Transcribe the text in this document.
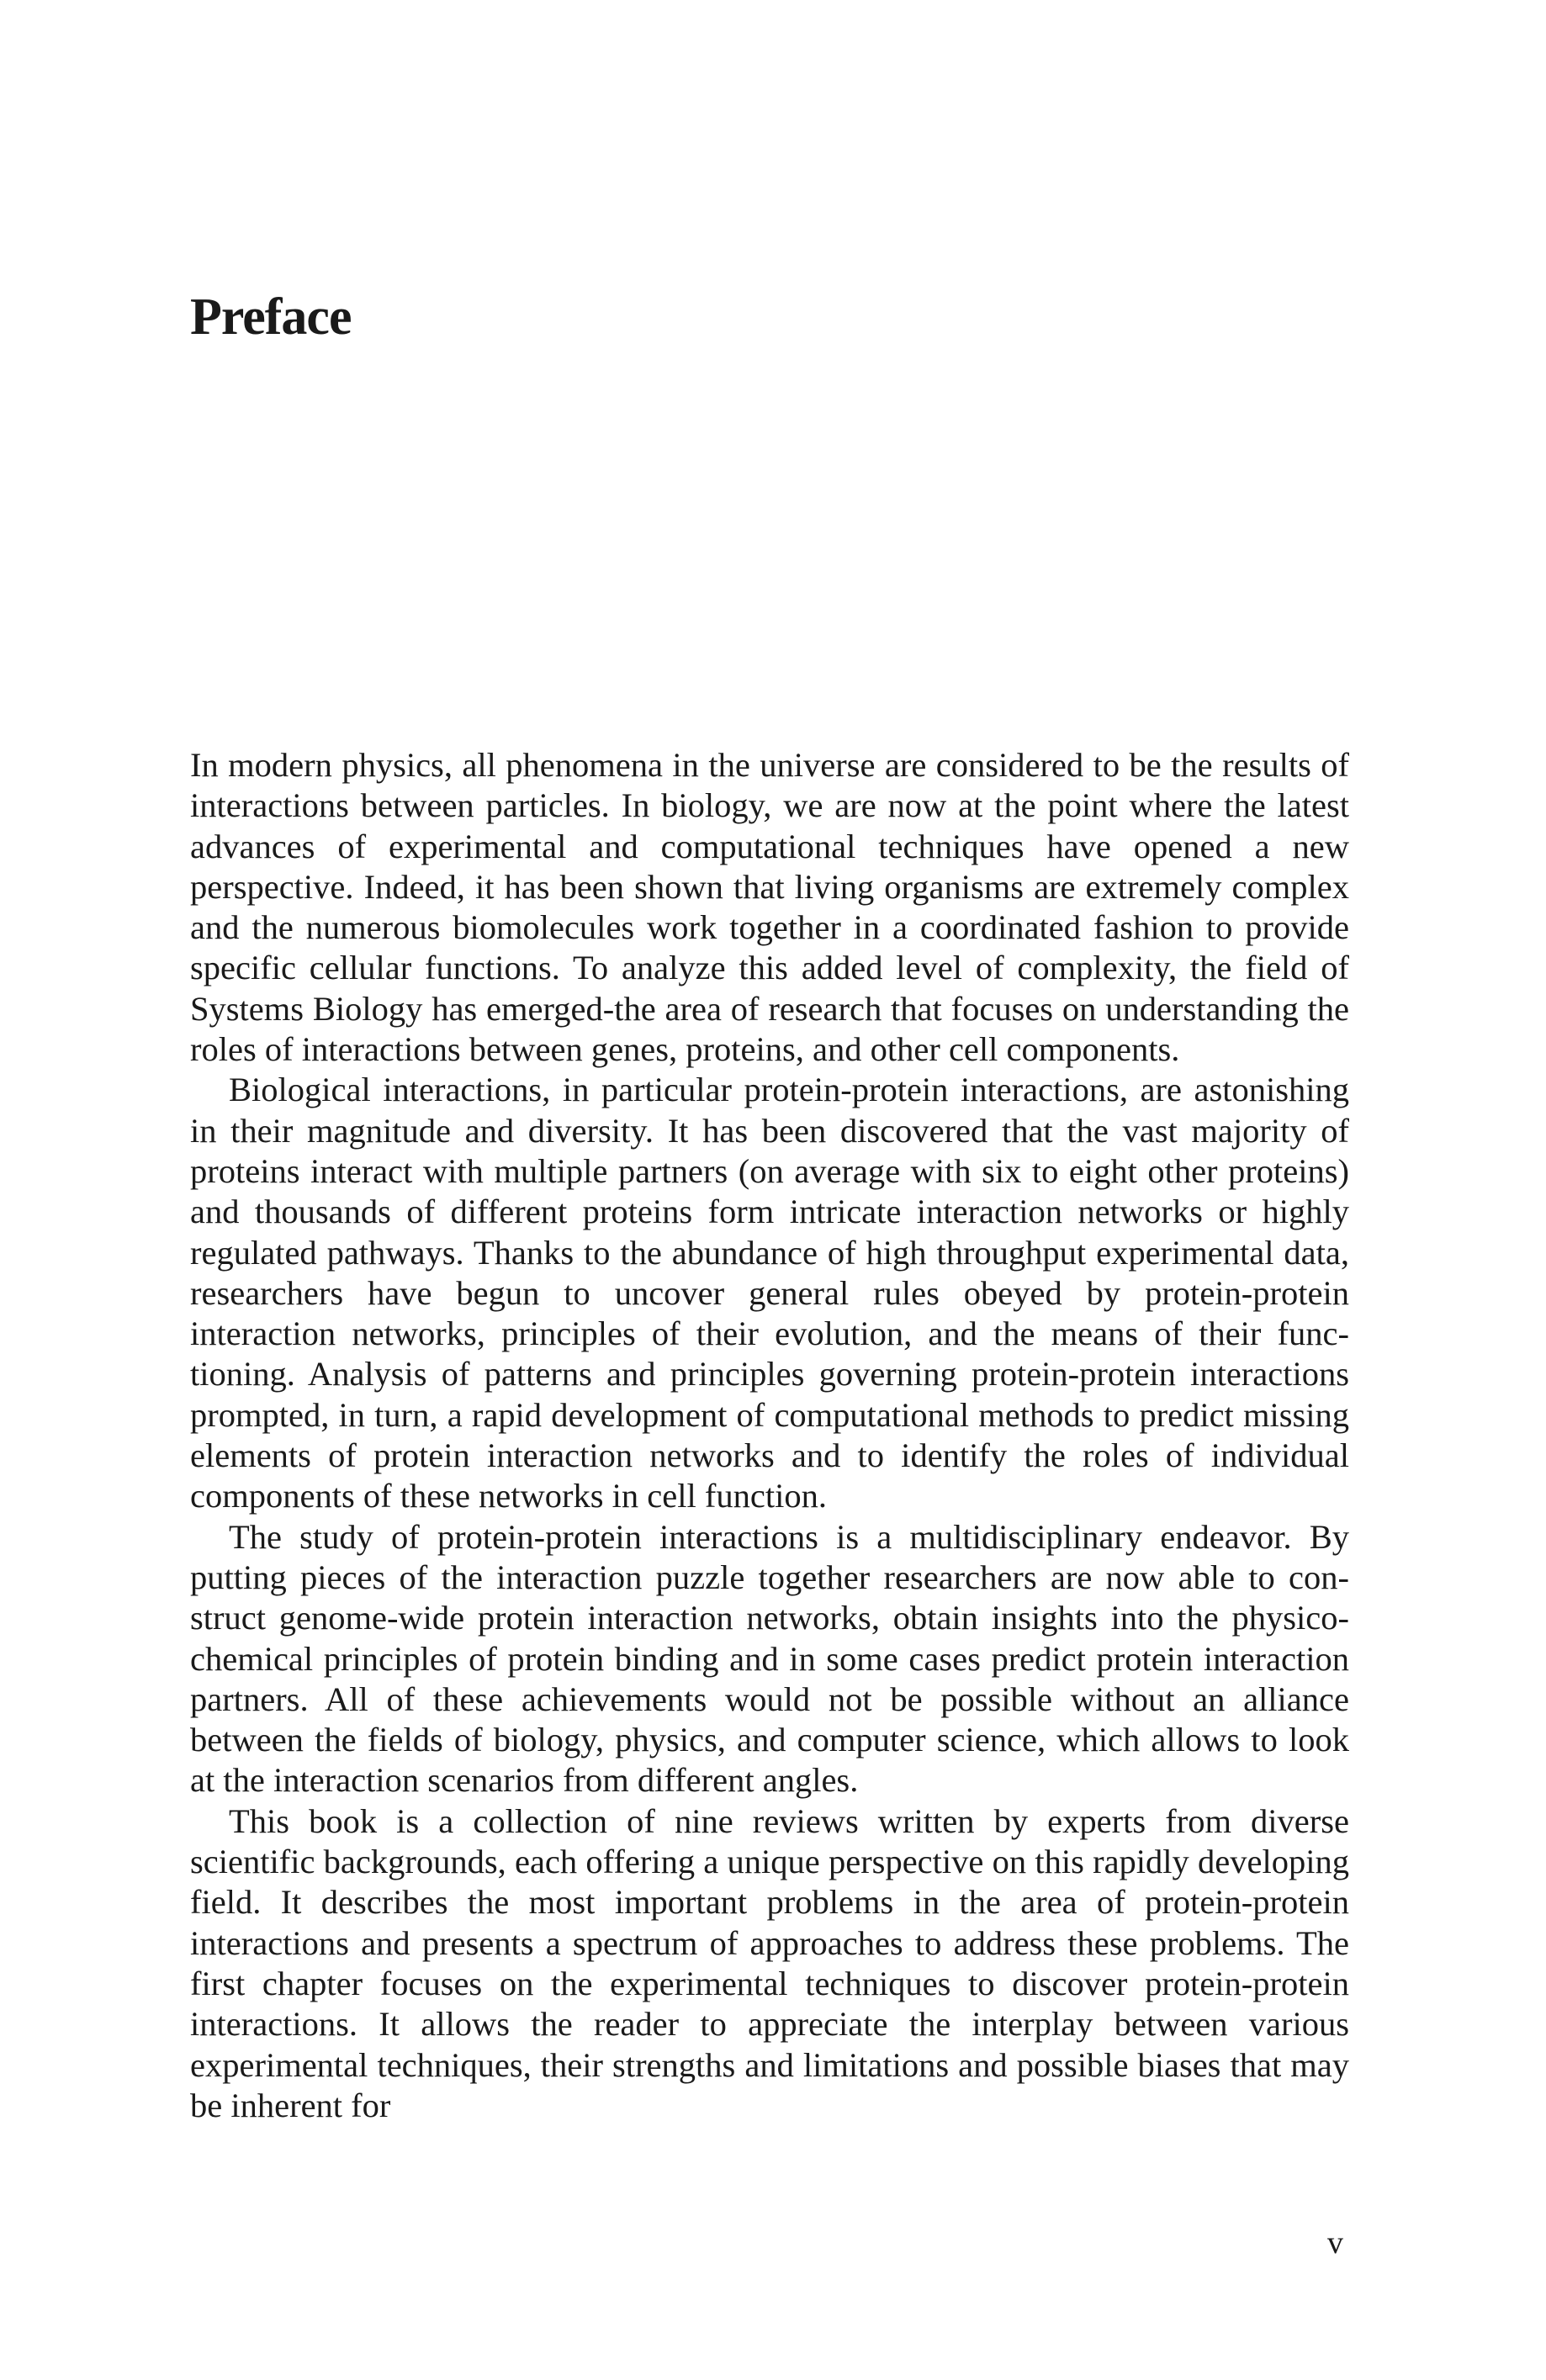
Preface

In modern physics, all phenomena in the universe are considered to be the results of interactions between particles. In biology, we are now at the point where the latest advances of experimental and computational techniques have opened a new perspective. Indeed, it has been shown that living organisms are extremely complex and the numerous biomolecules work together in a coordinated fashion to provide specific cellular functions. To analyze this added level of complexity, the field of Systems Biology has emerged-the area of research that focuses on understanding the roles of interactions between genes, proteins, and other cell components.

Biological interactions, in particular protein-protein interactions, are astonishing in their magnitude and diversity. It has been discovered that the vast majority of proteins interact with multiple partners (on average with six to eight other proteins) and thousands of different proteins form intricate interaction networks or highly regulated pathways. Thanks to the abundance of high throughput experimental data, researchers have begun to uncover general rules obeyed by protein-protein interaction networks, principles of their evolution, and the means of their functioning. Analysis of patterns and principles governing protein-protein interactions prompted, in turn, a rapid development of computational methods to predict missing elements of protein interaction networks and to identify the roles of individual components of these networks in cell function.

The study of protein-protein interactions is a multidisciplinary endeavor. By putting pieces of the interaction puzzle together researchers are now able to construct genome-wide protein interaction networks, obtain insights into the physicochemical principles of protein binding and in some cases predict protein interaction partners. All of these achievements would not be possible without an alliance between the fields of biology, physics, and computer science, which allows to look at the interaction scenarios from different angles.

This book is a collection of nine reviews written by experts from diverse scientific backgrounds, each offering a unique perspective on this rapidly developing field. It describes the most important problems in the area of protein-protein interactions and presents a spectrum of approaches to address these problems. The first chapter focuses on the experimental techniques to discover protein-protein interactions. It allows the reader to appreciate the interplay between various experimental techniques, their strengths and limitations and possible biases that may be inherent for

v
